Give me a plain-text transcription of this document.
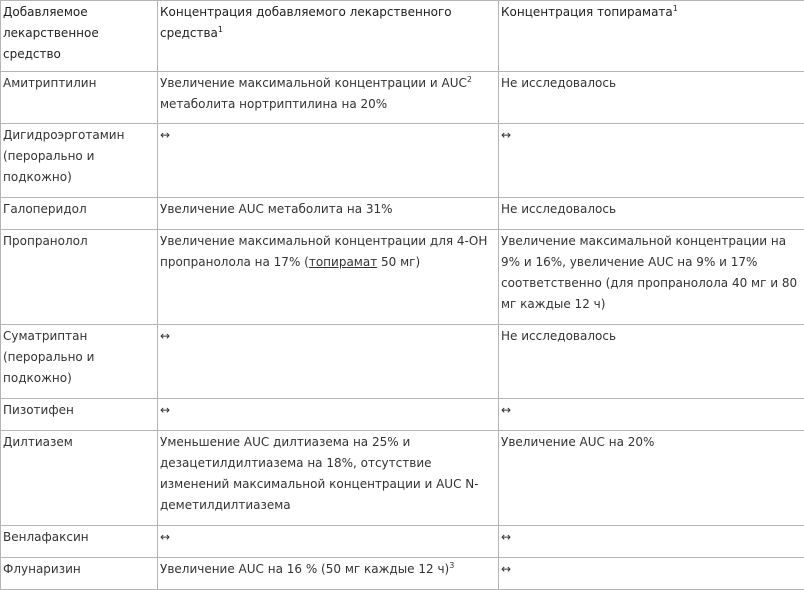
Добавляемое лекарственное средство	Концентрация добавляемого лекарственного средства$^1$	Концентрация топирамата$^1$
Амитриптилин	Увеличение максимальной концентрации и AUC$^2$ метаболита нортриптилина на 20%	Не исследовалось
Дигидроэрготамин (перорально и подкожно)	↔	↔
Галоперидол	Увеличение AUC метаболита на 31%	Не исследовалось
Пропранолол	Увеличение максимальной концентрации для 4-OH пропранолола на 17% (топирамат 50 мг)	Увеличение максимальной концентрации на 9% и 16%, увеличение AUC на 9% и 17% соответственно (для пропранолола 40 мг и 80 мг каждые 12 ч)
Суматриптан (перорально и подкожно)	↔	Не исследовалось
Пизотифен	↔	↔
Дилтиазем	Уменьшение AUC дилтиазема на 25% и дезацетилдилтиазема на 18%, отсутствие изменений максимальной концентрации и AUC N-деметилдилтиазема	Увеличение AUC на 20%
Венлафаксин	↔	↔
Флунаризин	Увеличение AUC на 16 % (50 мг каждые 12 ч)$^3$	↔
